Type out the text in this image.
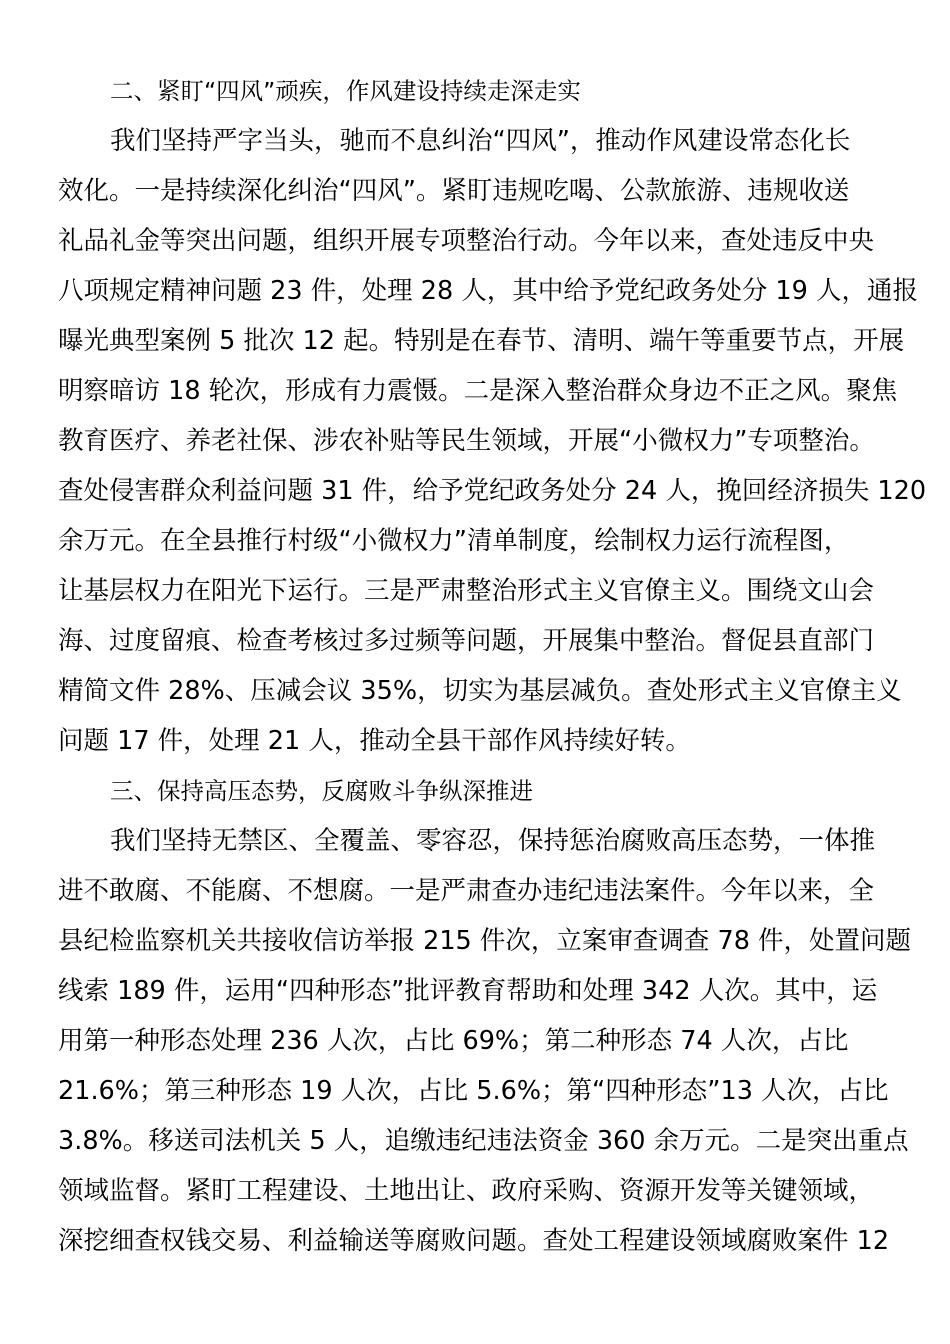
二、紧盯“四风”顽疾，作风建设持续走深走实
我们坚持严字当头，驰而不息纠治“四风”，推动作风建设常态化长
效化。一是持续深化纠治“四风”。紧盯违规吃喝、公款旅游、违规收送
礼品礼金等突出问题，组织开展专项整治行动。今年以来，查处违反中央
八项规定精神问题 23 件，处理 28 人，其中给予党纪政务处分 19 人，通报
曝光典型案例 5 批次 12 起。特别是在春节、清明、端午等重要节点，开展
明察暗访 18 轮次，形成有力震慑。二是深入整治群众身边不正之风。聚焦
教育医疗、养老社保、涉农补贴等民生领域，开展“小微权力”专项整治。
查处侵害群众利益问题 31 件，给予党纪政务处分 24 人，挽回经济损失 120
余万元。在全县推行村级“小微权力”清单制度，绘制权力运行流程图，
让基层权力在阳光下运行。三是严肃整治形式主义官僚主义。围绕文山会
海、过度留痕、检查考核过多过频等问题，开展集中整治。督促县直部门
精简文件 28%、压减会议 35%，切实为基层减负。查处形式主义官僚主义
问题 17 件，处理 21 人，推动全县干部作风持续好转。
三、保持高压态势，反腐败斗争纵深推进
我们坚持无禁区、全覆盖、零容忍，保持惩治腐败高压态势，一体推
进不敢腐、不能腐、不想腐。一是严肃查办违纪违法案件。今年以来，全
县纪检监察机关共接收信访举报 215 件次，立案审查调查 78 件，处置问题
线索 189 件，运用“四种形态”批评教育帮助和处理 342 人次。其中，运
用第一种形态处理 236 人次，占比 69%；第二种形态 74 人次，占比
21.6%；第三种形态 19 人次，占比 5.6%；第“四种形态”13 人次，占比
3.8%。移送司法机关 5 人，追缴违纪违法资金 360 余万元。二是突出重点
领域监督。紧盯工程建设、土地出让、政府采购、资源开发等关键领域，
深挖细查权钱交易、利益输送等腐败问题。查处工程建设领域腐败案件 12
